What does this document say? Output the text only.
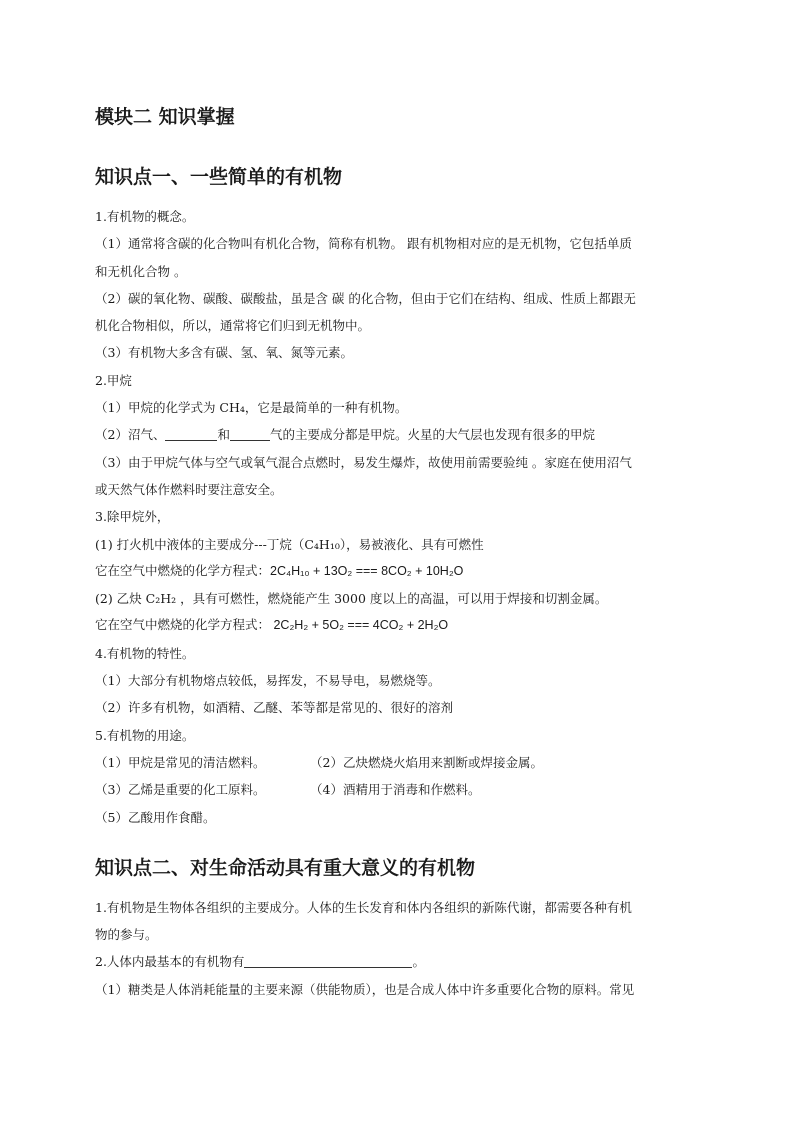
模块二 知识掌握
知识点一、一些简单的有机物
1.有机物的概念。
（1）通常将含碳的化合物叫有机化合物，简称有机物。 跟有机物相对应的是无机物，它包括单质
和无机化合物 。
（2）碳的氧化物、碳酸、碳酸盐，虽是含 碳 的化合物，但由于它们在结构、组成、性质上都跟无
机化合物相似，所以，通常将它们归到无机物中。
（3）有机物大多含有碳、氢、氧、氮等元素。
2.甲烷
（1）甲烷的化学式为 CH₄，它是最简单的一种有机物。
（2）沼气、	和	气的主要成分都是甲烷。火星的大气层也发现有很多的甲烷
（3）由于甲烷气体与空气或氧气混合点燃时，易发生爆炸，故使用前需要验纯 。家庭在使用沼气
或天然气体作燃料时要注意安全。
3.除甲烷外，
(1) 打火机中液体的主要成分---丁烷（C₄H₁₀），易被液化、具有可燃性
它在空气中燃烧的化学方程式：2C₄H₁₀ + 13O₂ === 8CO₂ + 10H₂O
(2) 乙炔 C₂H₂ ，具有可燃性，燃烧能产生 3000 度以上的高温，可以用于焊接和切割金属。
它在空气中燃烧的化学方程式： 2C₂H₂ + 5O₂ === 4CO₂ + 2H₂O
4.有机物的特性。
（1）大部分有机物熔点较低，易挥发，不易导电，易燃烧等。
（2）许多有机物，如酒精、乙醚、苯等都是常见的、很好的溶剂
5.有机物的用途。
（1）甲烷是常见的清洁燃料。	（2）乙炔燃烧火焰用来割断或焊接金属。
（3）乙烯是重要的化工原料。	（4）酒精用于消毒和作燃料。
（5）乙酸用作食醋。
知识点二、对生命活动具有重大意义的有机物
1.有机物是生物体各组织的主要成分。人体的生长发育和体内各组织的新陈代谢，都需要各种有机
物的参与。
2.人体内最基本的有机物有	。
（1）糖类是人体消耗能量的主要来源（供能物质），也是合成人体中许多重要化合物的原料。常见
